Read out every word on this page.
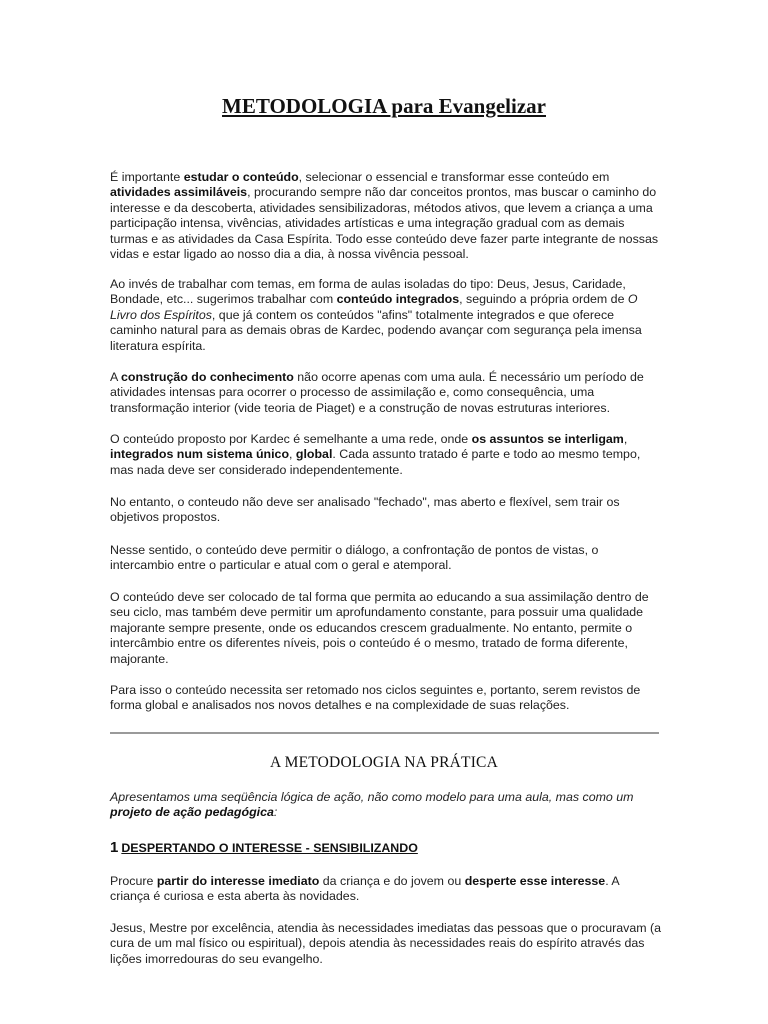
METODOLOGIA para Evangelizar

É importante estudar o conteúdo, selecionar o essencial e transformar esse conteúdo em atividades assimiláveis, procurando sempre não dar conceitos prontos, mas buscar o caminho do interesse e da descoberta, atividades sensibilizadoras, métodos ativos, que levem a criança a uma participação intensa, vivências, atividades artísticas e uma integração gradual com as demais turmas e as atividades da Casa Espírita. Todo esse conteúdo deve fazer parte integrante de nossas vidas e estar ligado ao nosso dia a dia, à nossa vivência pessoal.

Ao invés de trabalhar com temas, em forma de aulas isoladas do tipo: Deus, Jesus, Caridade, Bondade, etc... sugerimos trabalhar com conteúdo integrados, seguindo a própria ordem de O Livro dos Espíritos, que já contem os conteúdos "afins" totalmente integrados e que oferece caminho natural para as demais obras de Kardec, podendo avançar com segurança pela imensa literatura espírita.

A construção do conhecimento não ocorre apenas com uma aula. É necessário um período de atividades intensas para ocorrer o processo de assimilação e, como consequência, uma transformação interior (vide teoria de Piaget) e a construção de novas estruturas interiores.

O conteúdo proposto por Kardec é semelhante a uma rede, onde os assuntos se interligam, integrados num sistema único, global. Cada assunto tratado é parte e todo ao mesmo tempo, mas nada deve ser considerado independentemente.

No entanto, o conteudo não deve ser analisado "fechado", mas aberto e flexível, sem trair os objetivos propostos.

Nesse sentido, o conteúdo deve permitir o diálogo, a confrontação de pontos de vistas, o intercambio entre o particular e atual com o geral e atemporal.

O conteúdo deve ser colocado de tal forma que permita ao educando a sua assimilação dentro de seu ciclo, mas também deve permitir um aprofundamento constante, para possuir uma qualidade majorante sempre presente, onde os educandos crescem gradualmente. No entanto, permite o intercâmbio entre os diferentes níveis, pois o conteúdo é o mesmo, tratado de forma diferente, majorante.

Para isso o conteúdo necessita ser retomado nos ciclos seguintes e, portanto, serem revistos de forma global e analisados nos novos detalhes e na complexidade de suas relações.

A METODOLOGIA NA PRÁTICA

Apresentamos uma seqüência lógica de ação, não como modelo para uma aula, mas como um projeto de ação pedagógica:

1 DESPERTANDO O INTERESSE - SENSIBILIZANDO

Procure partir do interesse imediato da criança e do jovem ou desperte esse interesse. A criança é curiosa e esta aberta às novidades.

Jesus, Mestre por excelência, atendia às necessidades imediatas das pessoas que o procuravam (a cura de um mal físico ou espiritual), depois atendia às necessidades reais do espírito através das lições imorredouras do seu evangelho.
